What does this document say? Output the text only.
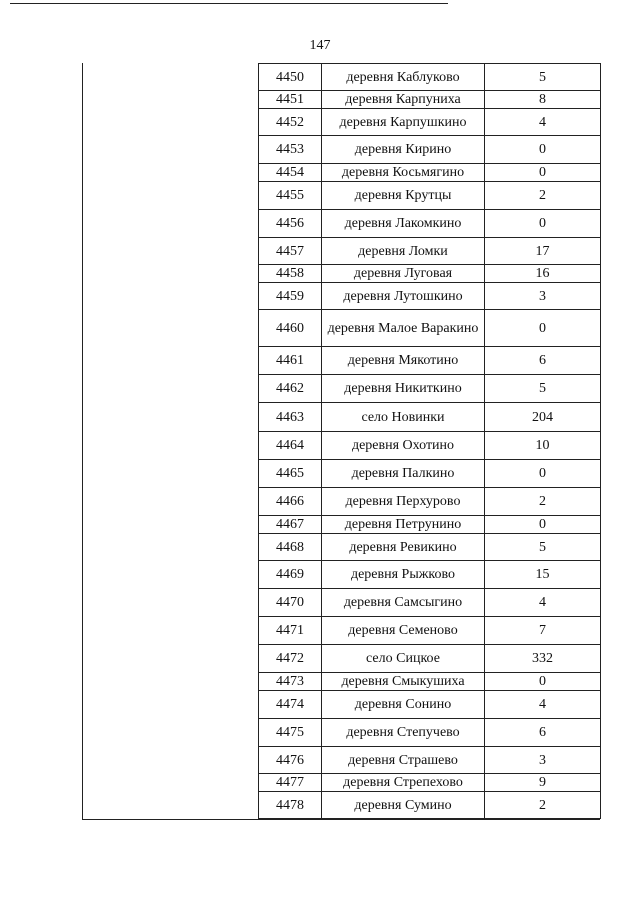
147
4450	деревня Каблуково	5
4451	деревня Карпуниха	8
4452	деревня Карпушкино	4
4453	деревня Кирино	0
4454	деревня Косьмягино	0
4455	деревня Крутцы	2
4456	деревня Лакомкино	0
4457	деревня Ломки	17
4458	деревня Луговая	16
4459	деревня Лутошкино	3
4460	деревня Малое Варакино	0
4461	деревня Мякотино	6
4462	деревня Никиткино	5
4463	село Новинки	204
4464	деревня Охотино	10
4465	деревня Палкино	0
4466	деревня Перхурово	2
4467	деревня Петрунино	0
4468	деревня Ревикино	5
4469	деревня Рыжково	15
4470	деревня Самсыгино	4
4471	деревня Семеново	7
4472	село Сицкое	332
4473	деревня Смыкушиха	0
4474	деревня Сонино	4
4475	деревня Степучево	6
4476	деревня Страшево	3
4477	деревня Стрепехово	9
4478	деревня Сумино	2
